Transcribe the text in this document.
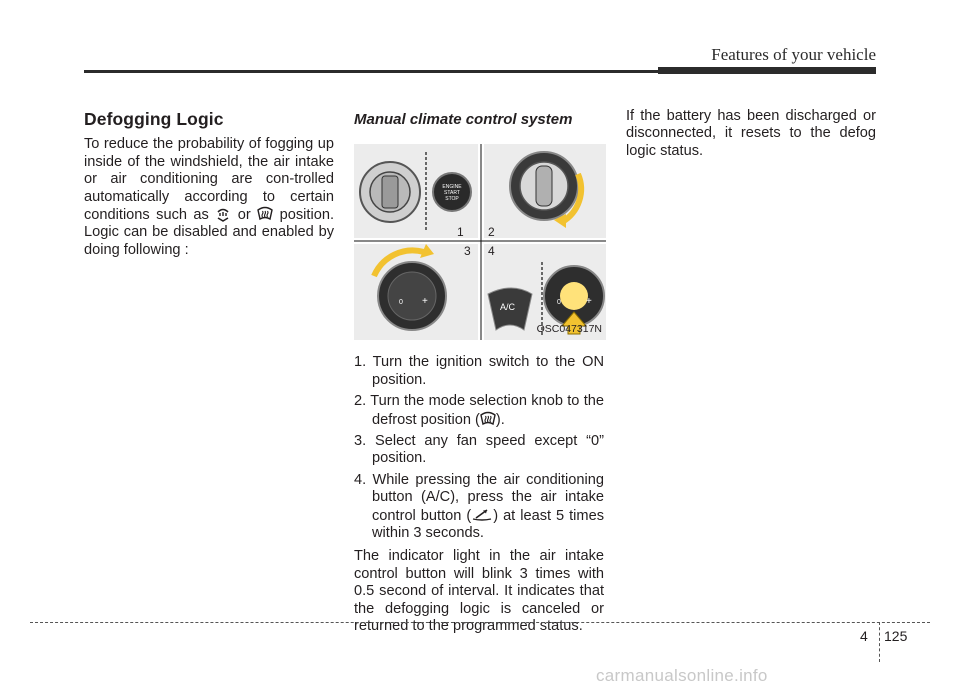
Features of your vehicle
Defogging Logic

To reduce the probability of fogging up inside of the windshield, the air intake or air conditioning are con-trolled automatically according to certain conditions such as or position. Logic can be disabled and enabled by doing following :

Manual climate control system
ENGINE
START
STOP
0 +	A/C	0	+
1 2
3 4
OSC047317N
1. Turn the ignition switch to the ON position.
2. Turn the mode selection knob to the defrost position ( ).
3. Select any fan speed except “0” position.
4. While pressing the air conditioning button (A/C), press the air intake control button ( ) at least 5 times within 3 seconds.

The indicator light in the air intake control button will blink 3 times with 0.5 second of interval. It indicates that the defogging logic is canceled or returned to the programmed status.

If the battery has been discharged or disconnected, it resets to the defog logic status.

4 125
carmanualsonline.info
